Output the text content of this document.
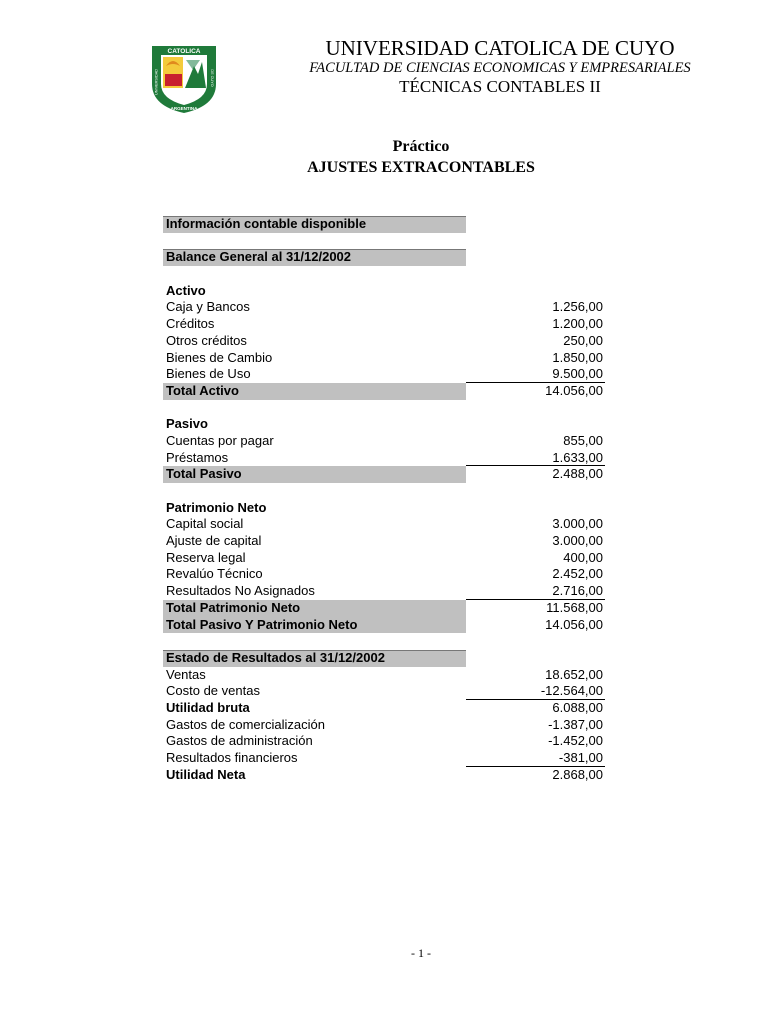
CATOLICA
ARGENTINA
UNIVERSIDAD	DE CUYO
UNIVERSIDAD CATOLICA DE CUYO
FACULTAD DE CIENCIAS ECONOMICAS Y EMPRESARIALES
TÉCNICAS CONTABLES II
Práctico
AJUSTES EXTRACONTABLES
Información contable disponible
Balance General al 31/12/2002
Activo
Caja y Bancos	1.256,00
Créditos	1.200,00
Otros créditos	250,00
Bienes de Cambio	1.850,00
Bienes de Uso	9.500,00
Total Activo	14.056,00
Pasivo
Cuentas por pagar	855,00
Préstamos	1.633,00
Total Pasivo	2.488,00
Patrimonio Neto
Capital social	3.000,00
Ajuste de capital	3.000,00
Reserva legal	400,00
Revalúo Técnico	2.452,00
Resultados No Asignados	2.716,00
Total Patrimonio Neto	11.568,00
Total Pasivo Y Patrimonio Neto	14.056,00
Estado de Resultados al 31/12/2002
Ventas	18.652,00
Costo de ventas	-12.564,00
Utilidad bruta	6.088,00
Gastos de comercialización	-1.387,00
Gastos de administración	-1.452,00
Resultados financieros	-381,00
Utilidad Neta	2.868,00
- 1 -
